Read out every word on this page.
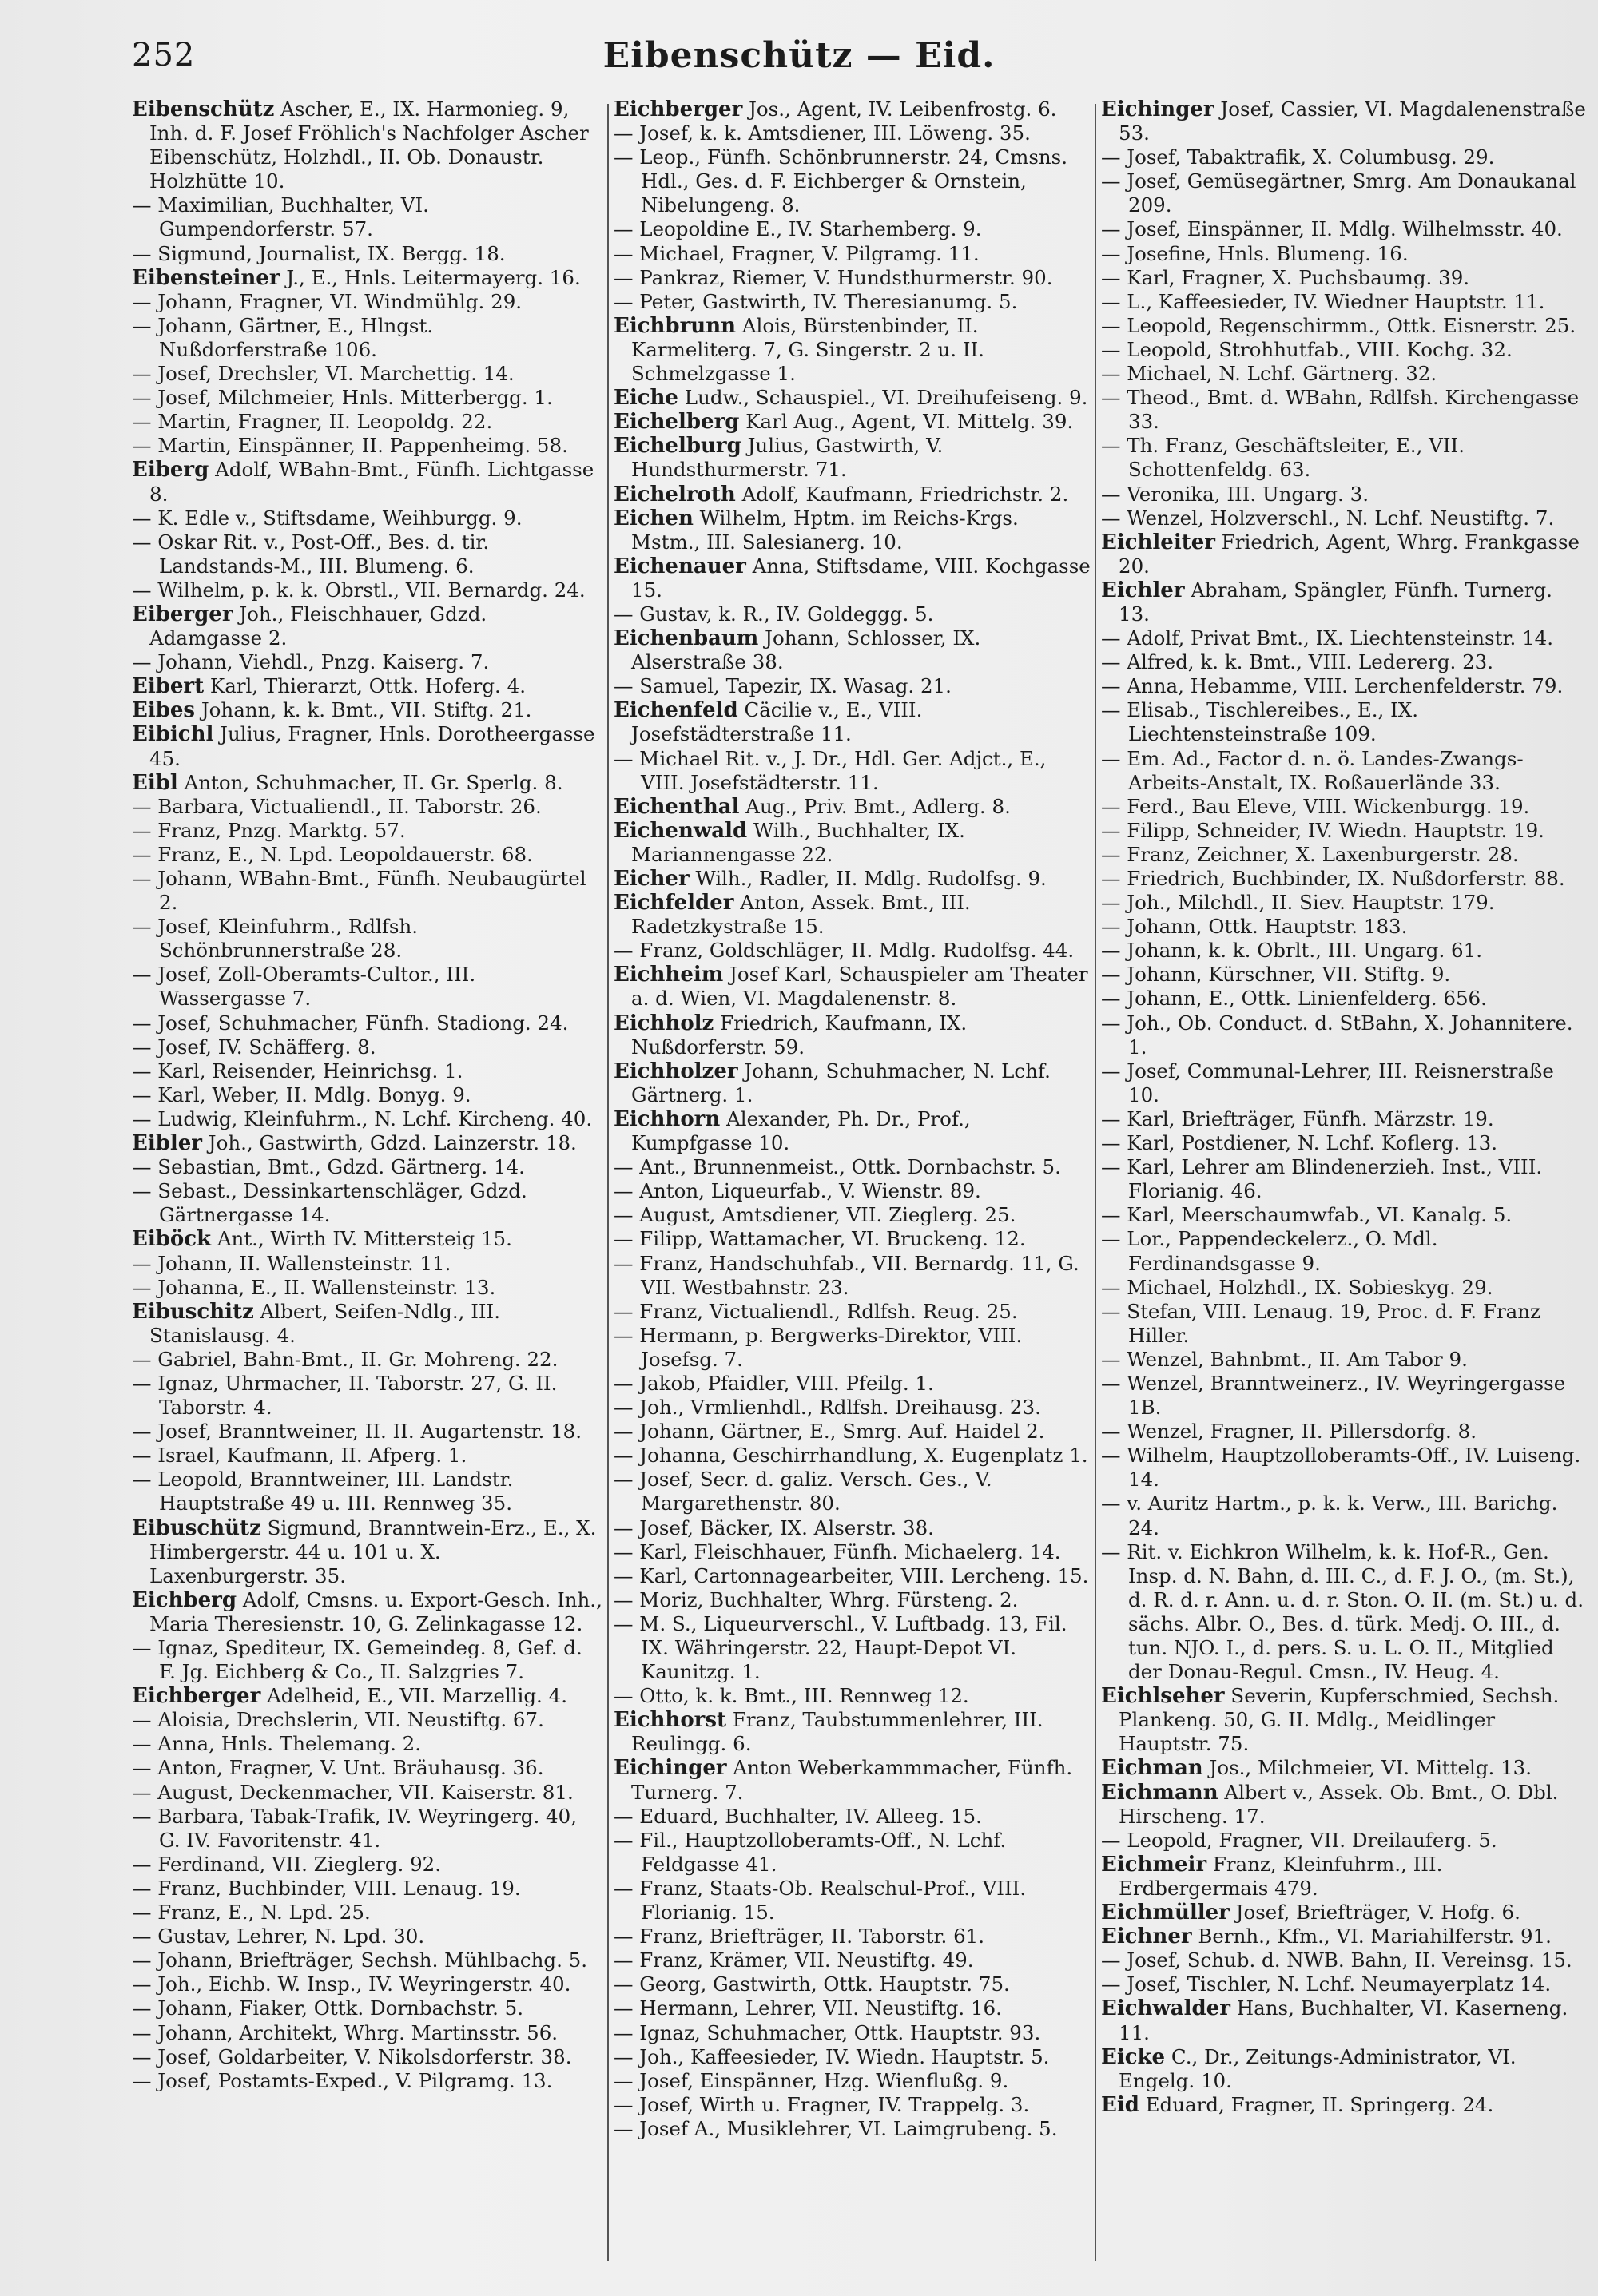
252	Eibenschütz — Eid.

Eibenschütz Ascher, E., IX. Harmonieg. 9, Inh. d. F. Josef Fröhlich's Nachfolger Ascher Eibenschütz, Holzhdl., II. Ob. Donaustr. Holzhütte 10.

— Maximilian, Buchhalter, VI. Gumpendorferstr. 57.

— Sigmund, Journalist, IX. Bergg. 18.

Eibensteiner J., E., Hnls. Leitermayerg. 16.

— Johann, Fragner, VI. Windmühlg. 29.

— Johann, Gärtner, E., Hlngst. Nußdorferstraße 106.

— Josef, Drechsler, VI. Marchettig. 14.

— Josef, Milchmeier, Hnls. Mitterbergg. 1.

— Martin, Fragner, II. Leopoldg. 22.

— Martin, Einspänner, II. Pappenheimg. 58.

Eiberg Adolf, WBahn-Bmt., Fünfh. Lichtgasse 8.

— K. Edle v., Stiftsdame, Weihburgg. 9.

— Oskar Rit. v., Post-Off., Bes. d. tir. Landstands-M., III. Blumeng. 6.

— Wilhelm, p. k. k. Obrstl., VII. Bernardg. 24.

Eiberger Joh., Fleischhauer, Gdzd. Adamgasse 2.

— Johann, Viehdl., Pnzg. Kaiserg. 7.

Eibert Karl, Thierarzt, Ottk. Hoferg. 4.

Eibes Johann, k. k. Bmt., VII. Stiftg. 21.

Eibichl Julius, Fragner, Hnls. Dorotheergasse 45.

Eibl Anton, Schuhmacher, II. Gr. Sperlg. 8.

— Barbara, Victualiendl., II. Taborstr. 26.

— Franz, Pnzg. Marktg. 57.

— Franz, E., N. Lpd. Leopoldauerstr. 68.

— Johann, WBahn-Bmt., Fünfh. Neubaugürtel 2.

— Josef, Kleinfuhrm., Rdlfsh. Schönbrunnerstraße 28.

— Josef, Zoll-Oberamts-Cultor., III. Wassergasse 7.

— Josef, Schuhmacher, Fünfh. Stadiong. 24.

— Josef, IV. Schäfferg. 8.

— Karl, Reisender, Heinrichsg. 1.

— Karl, Weber, II. Mdlg. Bonyg. 9.

— Ludwig, Kleinfuhrm., N. Lchf. Kircheng. 40.

Eibler Joh., Gastwirth, Gdzd. Lainzerstr. 18.

— Sebastian, Bmt., Gdzd. Gärtnerg. 14.

— Sebast., Dessinkartenschläger, Gdzd. Gärtnergasse 14.

Eiböck Ant., Wirth IV. Mittersteig 15.

— Johann, II. Wallensteinstr. 11.

— Johanna, E., II. Wallensteinstr. 13.

Eibuschitz Albert, Seifen-Ndlg., III. Stanislausg. 4.

— Gabriel, Bahn-Bmt., II. Gr. Mohreng. 22.

— Ignaz, Uhrmacher, II. Taborstr. 27, G. II. Taborstr. 4.

— Josef, Branntweiner, II. II. Augartenstr. 18.

— Israel, Kaufmann, II. Afperg. 1.

— Leopold, Branntweiner, III. Landstr. Hauptstraße 49 u. III. Rennweg 35.

Eibuschütz Sigmund, Branntwein-Erz., E., X. Himbergerstr. 44 u. 101 u. X. Laxenburgerstr. 35.

Eichberg Adolf, Cmsns. u. Export-Gesch. Inh., Maria Theresienstr. 10, G. Zelinkagasse 12.

— Ignaz, Spediteur, IX. Gemeindeg. 8, Gef. d. F. Jg. Eichberg & Co., II. Salzgries 7.

Eichberger Adelheid, E., VII. Marzellig. 4.

— Aloisia, Drechslerin, VII. Neustiftg. 67.

— Anna, Hnls. Thelemang. 2.

— Anton, Fragner, V. Unt. Bräuhausg. 36.

— August, Deckenmacher, VII. Kaiserstr. 81.

— Barbara, Tabak-Trafik, IV. Weyringerg. 40, G. IV. Favoritenstr. 41.

— Ferdinand, VII. Zieglerg. 92.

— Franz, Buchbinder, VIII. Lenaug. 19.

— Franz, E., N. Lpd. 25.

— Gustav, Lehrer, N. Lpd. 30.

— Johann, Briefträger, Sechsh. Mühlbachg. 5.

— Joh., Eichb. W. Insp., IV. Weyringerstr. 40.

— Johann, Fiaker, Ottk. Dornbachstr. 5.

— Johann, Architekt, Whrg. Martinsstr. 56.

— Josef, Goldarbeiter, V. Nikolsdorferstr. 38.

— Josef, Postamts-Exped., V. Pilgramg. 13.

Eichberger Jos., Agent, IV. Leibenfrostg. 6.

— Josef, k. k. Amtsdiener, III. Löweng. 35.

— Leop., Fünfh. Schönbrunnerstr. 24, Cmsns. Hdl., Ges. d. F. Eichberger & Ornstein, Nibelungeng. 8.

— Leopoldine E., IV. Starhemberg. 9.

— Michael, Fragner, V. Pilgramg. 11.

— Pankraz, Riemer, V. Hundsthurmerstr. 90.

— Peter, Gastwirth, IV. Theresianumg. 5.

Eichbrunn Alois, Bürstenbinder, II. Karmeliterg. 7, G. Singerstr. 2 u. II. Schmelzgasse 1.

Eiche Ludw., Schauspiel., VI. Dreihufeiseng. 9.

Eichelberg Karl Aug., Agent, VI. Mittelg. 39.

Eichelburg Julius, Gastwirth, V. Hundsthurmerstr. 71.

Eichelroth Adolf, Kaufmann, Friedrichstr. 2.

Eichen Wilhelm, Hptm. im Reichs-Krgs. Mstm., III. Salesianerg. 10.

Eichenauer Anna, Stiftsdame, VIII. Kochgasse 15.

— Gustav, k. R., IV. Goldeggg. 5.

Eichenbaum Johann, Schlosser, IX. Alserstraße 38.

— Samuel, Tapezir, IX. Wasag. 21.

Eichenfeld Cäcilie v., E., VIII. Josefstädterstraße 11.

— Michael Rit. v., J. Dr., Hdl. Ger. Adjct., E., VIII. Josefstädterstr. 11.

Eichenthal Aug., Priv. Bmt., Adlerg. 8.

Eichenwald Wilh., Buchhalter, IX. Mariannengasse 22.

Eicher Wilh., Radler, II. Mdlg. Rudolfsg. 9.

Eichfelder Anton, Assek. Bmt., III. Radetzkystraße 15.

— Franz, Goldschläger, II. Mdlg. Rudolfsg. 44.

Eichheim Josef Karl, Schauspieler am Theater a. d. Wien, VI. Magdalenenstr. 8.

Eichholz Friedrich, Kaufmann, IX. Nußdorferstr. 59.

Eichholzer Johann, Schuhmacher, N. Lchf. Gärtnerg. 1.

Eichhorn Alexander, Ph. Dr., Prof., Kumpfgasse 10.

— Ant., Brunnenmeist., Ottk. Dornbachstr. 5.

— Anton, Liqueurfab., V. Wienstr. 89.

— August, Amtsdiener, VII. Zieglerg. 25.

— Filipp, Wattamacher, VI. Bruckeng. 12.

— Franz, Handschuhfab., VII. Bernardg. 11, G. VII. Westbahnstr. 23.

— Franz, Victualiendl., Rdlfsh. Reug. 25.

— Hermann, p. Bergwerks-Direktor, VIII. Josefsg. 7.

— Jakob, Pfaidler, VIII. Pfeilg. 1.

— Joh., Vrmlienhdl., Rdlfsh. Dreihausg. 23.

— Johann, Gärtner, E., Smrg. Auf. Haidel 2.

— Johanna, Geschirrhandlung, X. Eugenplatz 1.

— Josef, Secr. d. galiz. Versch. Ges., V. Margarethenstr. 80.

— Josef, Bäcker, IX. Alserstr. 38.

— Karl, Fleischhauer, Fünfh. Michaelerg. 14.

— Karl, Cartonnagearbeiter, VIII. Lercheng. 15.

— Moriz, Buchhalter, Whrg. Fürsteng. 2.

— M. S., Liqueurverschl., V. Luftbadg. 13, Fil. IX. Währingerstr. 22, Haupt-Depot VI. Kaunitzg. 1.

— Otto, k. k. Bmt., III. Rennweg 12.

Eichhorst Franz, Taubstummenlehrer, III. Reulingg. 6.

Eichinger Anton Weberkammmacher, Fünfh. Turnerg. 7.

— Eduard, Buchhalter, IV. Alleeg. 15.

— Fil., Hauptzolloberamts-Off., N. Lchf. Feldgasse 41.

— Franz, Staats-Ob. Realschul-Prof., VIII. Florianig. 15.

— Franz, Briefträger, II. Taborstr. 61.

— Franz, Krämer, VII. Neustiftg. 49.

— Georg, Gastwirth, Ottk. Hauptstr. 75.

— Hermann, Lehrer, VII. Neustiftg. 16.

— Ignaz, Schuhmacher, Ottk. Hauptstr. 93.

— Joh., Kaffeesieder, IV. Wiedn. Hauptstr. 5.

— Josef, Einspänner, Hzg. Wienflußg. 9.

— Josef, Wirth u. Fragner, IV. Trappelg. 3.

— Josef A., Musiklehrer, VI. Laimgrubeng. 5.

Eichinger Josef, Cassier, VI. Magdalenenstraße 53.

— Josef, Tabaktrafik, X. Columbusg. 29.

— Josef, Gemüsegärtner, Smrg. Am Donaukanal 209.

— Josef, Einspänner, II. Mdlg. Wilhelmsstr. 40.

— Josefine, Hnls. Blumeng. 16.

— Karl, Fragner, X. Puchsbaumg. 39.

— L., Kaffeesieder, IV. Wiedner Hauptstr. 11.

— Leopold, Regenschirmm., Ottk. Eisnerstr. 25.

— Leopold, Strohhutfab., VIII. Kochg. 32.

— Michael, N. Lchf. Gärtnerg. 32.

— Theod., Bmt. d. WBahn, Rdlfsh. Kirchengasse 33.

— Th. Franz, Geschäftsleiter, E., VII. Schottenfeldg. 63.

— Veronika, III. Ungarg. 3.

— Wenzel, Holzverschl., N. Lchf. Neustiftg. 7.

Eichleiter Friedrich, Agent, Whrg. Frankgasse 20.

Eichler Abraham, Spängler, Fünfh. Turnerg. 13.

— Adolf, Privat Bmt., IX. Liechtensteinstr. 14.

— Alfred, k. k. Bmt., VIII. Ledererg. 23.

— Anna, Hebamme, VIII. Lerchenfelderstr. 79.

— Elisab., Tischlereibes., E., IX. Liechtensteinstraße 109.

— Em. Ad., Factor d. n. ö. Landes-Zwangs-Arbeits-Anstalt, IX. Roßauerlände 33.

— Ferd., Bau Eleve, VIII. Wickenburgg. 19.

— Filipp, Schneider, IV. Wiedn. Hauptstr. 19.

— Franz, Zeichner, X. Laxenburgerstr. 28.

— Friedrich, Buchbinder, IX. Nußdorferstr. 88.

— Joh., Milchdl., II. Siev. Hauptstr. 179.

— Johann, Ottk. Hauptstr. 183.

— Johann, k. k. Obrlt., III. Ungarg. 61.

— Johann, Kürschner, VII. Stiftg. 9.

— Johann, E., Ottk. Linienfelderg. 656.

— Joh., Ob. Conduct. d. StBahn, X. Johannitere. 1.

— Josef, Communal-Lehrer, III. Reisnerstraße 10.

— Karl, Briefträger, Fünfh. Märzstr. 19.

— Karl, Postdiener, N. Lchf. Koflerg. 13.

— Karl, Lehrer am Blindenerzieh. Inst., VIII. Florianig. 46.

— Karl, Meerschaumwfab., VI. Kanalg. 5.

— Lor., Pappendeckelerz., O. Mdl. Ferdinandsgasse 9.

— Michael, Holzhdl., IX. Sobieskyg. 29.

— Stefan, VIII. Lenaug. 19, Proc. d. F. Franz Hiller.

— Wenzel, Bahnbmt., II. Am Tabor 9.

— Wenzel, Branntweinerz., IV. Weyringergasse 1B.

— Wenzel, Fragner, II. Pillersdorfg. 8.

— Wilhelm, Hauptzolloberamts-Off., IV. Luiseng. 14.

— v. Auritz Hartm., p. k. k. Verw., III. Barichg. 24.

— Rit. v. Eichkron Wilhelm, k. k. Hof-R., Gen. Insp. d. N. Bahn, d. III. C., d. F. J. O., (m. St.), d. R. d. r. Ann. u. d. r. Ston. O. II. (m. St.) u. d. sächs. Albr. O., Bes. d. türk. Medj. O. III., d. tun. NJO. I., d. pers. S. u. L. O. II., Mitglied der Donau-Regul. Cmsn., IV. Heug. 4.

Eichlseher Severin, Kupferschmied, Sechsh. Plankeng. 50, G. II. Mdlg., Meidlinger Hauptstr. 75.

Eichman Jos., Milchmeier, VI. Mittelg. 13.

Eichmann Albert v., Assek. Ob. Bmt., O. Dbl. Hirscheng. 17.

— Leopold, Fragner, VII. Dreilauferg. 5.

Eichmeir Franz, Kleinfuhrm., III. Erdbergermais 479.

Eichmüller Josef, Briefträger, V. Hofg. 6.

Eichner Bernh., Kfm., VI. Mariahilferstr. 91.

— Josef, Schub. d. NWB. Bahn, II. Vereinsg. 15.

— Josef, Tischler, N. Lchf. Neumayerplatz 14.

Eichwalder Hans, Buchhalter, VI. Kaserneng. 11.

Eicke C., Dr., Zeitungs-Administrator, VI. Engelg. 10.

Eid Eduard, Fragner, II. Springerg. 24.
